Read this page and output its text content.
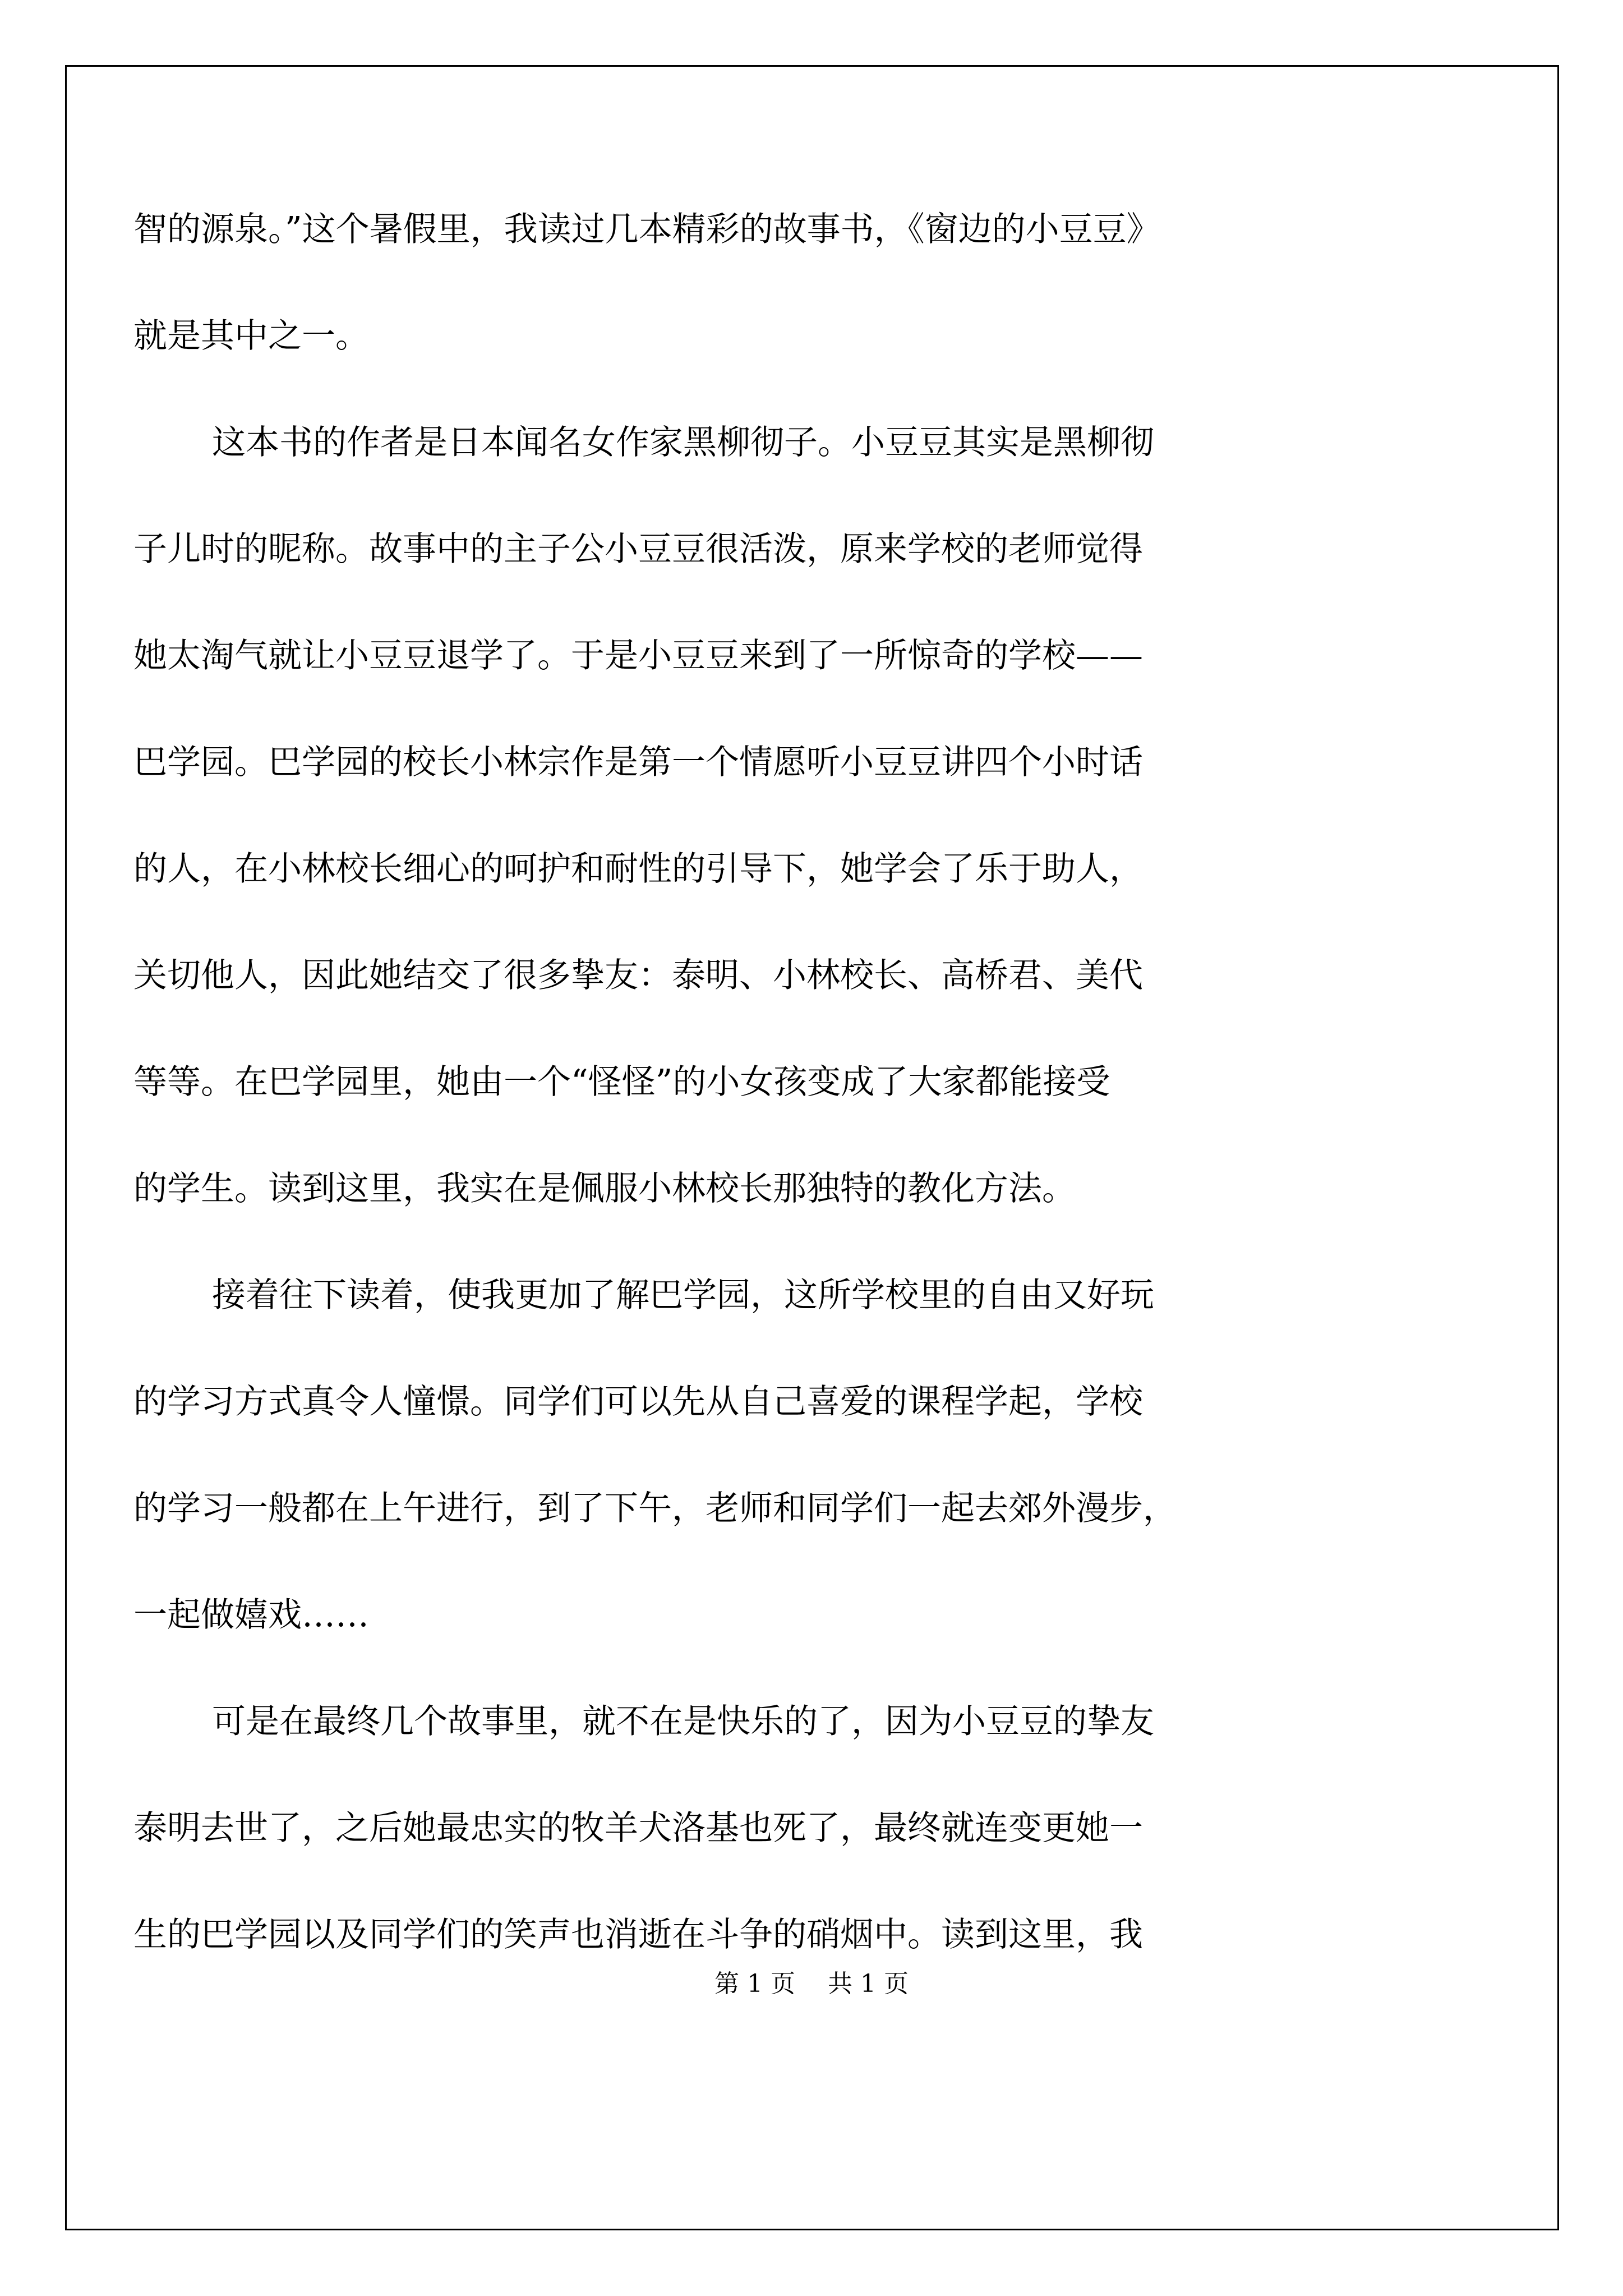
智的源泉。”这个暑假里，我读过几本精彩的故事书，《窗边的小豆豆》
就是其中之一。
这本书的作者是日本闻名女作家黑柳彻子。小豆豆其实是黑柳彻
子儿时的昵称。故事中的主子公小豆豆很活泼，原来学校的老师觉得
她太淘气就让小豆豆退学了。于是小豆豆来到了一所惊奇的学校——
巴学园。巴学园的校长小林宗作是第一个情愿听小豆豆讲四个小时话
的人，在小林校长细心的呵护和耐性的引导下，她学会了乐于助人，
关切他人，因此她结交了很多挚友：泰明、小林校长、高桥君、美代
等等。在巴学园里，她由一个“怪怪”的小女孩变成了大家都能接受
的学生。读到这里，我实在是佩服小林校长那独特的教化方法。
接着往下读着，使我更加了解巴学园，这所学校里的自由又好玩
的学习方式真令人憧憬。同学们可以先从自己喜爱的课程学起，学校
的学习一般都在上午进行，到了下午，老师和同学们一起去郊外漫步，
一起做嬉戏……
可是在最终几个故事里，就不在是快乐的了，因为小豆豆的挚友
泰明去世了，之后她最忠实的牧羊犬洛基也死了，最终就连变更她一
生的巴学园以及同学们的笑声也消逝在斗争的硝烟中。读到这里，我
第 1 页　 共 1 页
